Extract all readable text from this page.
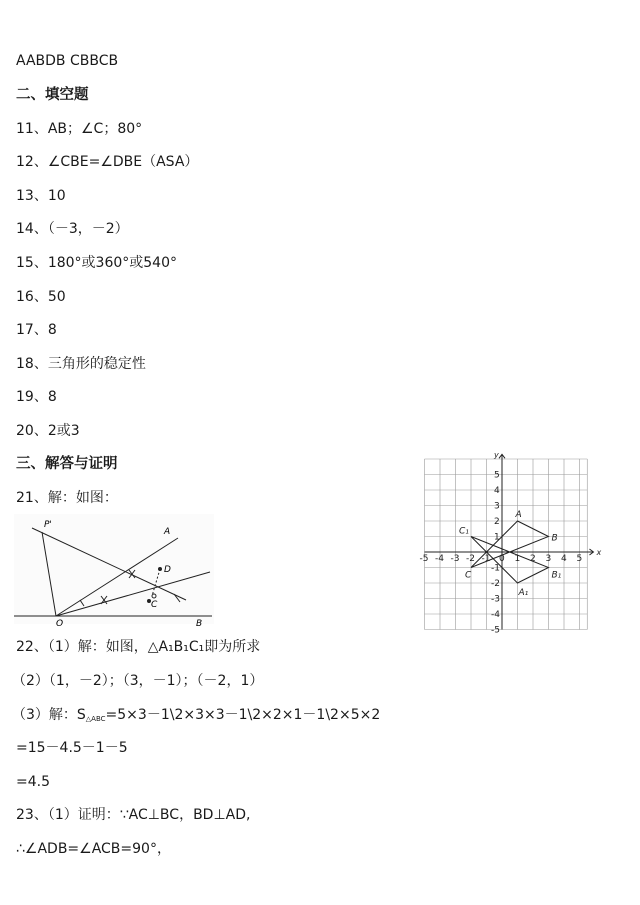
AABDB CBBCB
二、填空题
11、AB；∠C；80°
12、∠CBE=∠DBE（ASA）
13、10
14、（－3，－2）
15、180°或360°或540°
16、50
17、8
18、三角形的稳定性
19、8
20、2或3
三、解答与证明
21、解：如图：
P'
A
D
C
O	B
x
y
-5 -4 -3 -2 -1 0 1 2 3 4 5
5
4
3
2
1
-1
-2
-3
-4
-5
A
B
C
C₁
B₁
A₁
22、（1）解：如图，△A₁B₁C₁即为所求
（2）（1，－2）；（3，－1）；（－2，1）
（3）解：$S_{\triangle ABC}=5\times 3-1\backslash 2\times 3\times 3-1\backslash 2\times 2\times 1-1\backslash 2\times 5\times 2$
=15－4.5－1－5
=4.5
23、（1）证明：∵AC⊥BC，BD⊥AD,
∴∠ADB=∠ACB=90°，
